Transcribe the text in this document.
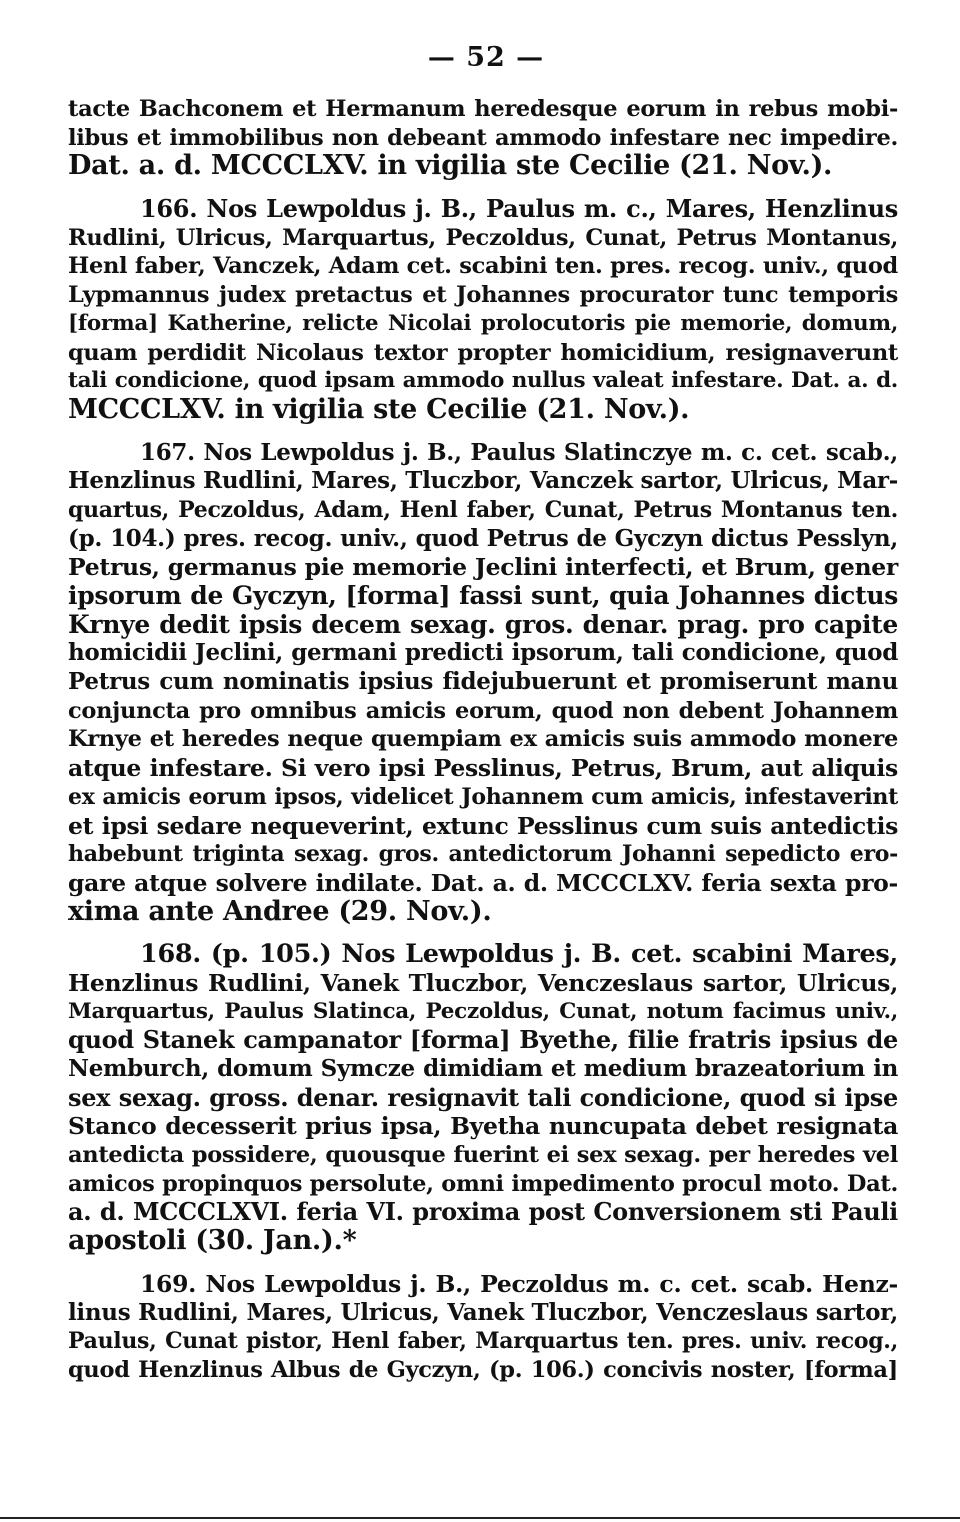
— 52 —
tacte Bachconem et Hermanum heredesque eorum in rebus mobi-
libus et immobilibus non debeant ammodo infestare nec impedire.
Dat. a. d. MCCCLXV. in vigilia ste Cecilie (21. Nov.).
166. Nos Lewpoldus j. B., Paulus m. c., Mares, Henzlinus
Rudlini, Ulricus, Marquartus, Peczoldus, Cunat, Petrus Montanus,
Henl faber, Vanczek, Adam cet. scabini ten. pres. recog. univ., quod
Lypmannus judex pretactus et Johannes procurator tunc temporis
[forma] Katherine, relicte Nicolai prolocutoris pie memorie, domum,
quam perdidit Nicolaus textor propter homicidium, resignaverunt
tali condicione, quod ipsam ammodo nullus valeat infestare. Dat. a. d.
MCCCLXV. in vigilia ste Cecilie (21. Nov.).
167. Nos Lewpoldus j. B., Paulus Slatinczye m. c. cet. scab.,
Henzlinus Rudlini, Mares, Tluczbor, Vanczek sartor, Ulricus, Mar-
quartus, Peczoldus, Adam, Henl faber, Cunat, Petrus Montanus ten.
(p. 104.) pres. recog. univ., quod Petrus de Gyczyn dictus Pesslyn,
Petrus, germanus pie memorie Jeclini interfecti, et Brum, gener
ipsorum de Gyczyn, [forma] fassi sunt, quia Johannes dictus
Krnye dedit ipsis decem sexag. gros. denar. prag. pro capite
homicidii Jeclini, germani predicti ipsorum, tali condicione, quod
Petrus cum nominatis ipsius fidejubuerunt et promiserunt manu
conjuncta pro omnibus amicis eorum, quod non debent Johannem
Krnye et heredes neque quempiam ex amicis suis ammodo monere
atque infestare. Si vero ipsi Pesslinus, Petrus, Brum, aut aliquis
ex amicis eorum ipsos, videlicet Johannem cum amicis, infestaverint
et ipsi sedare nequeverint, extunc Pesslinus cum suis antedictis
habebunt triginta sexag. gros. antedictorum Johanni sepedicto ero-
gare atque solvere indilate. Dat. a. d. MCCCLXV. feria sexta pro-
xima ante Andree (29. Nov.).
168. (p. 105.) Nos Lewpoldus j. B. cet. scabini Mares,
Henzlinus Rudlini, Vanek Tluczbor, Venczeslaus sartor, Ulricus,
Marquartus, Paulus Slatinca, Peczoldus, Cunat, notum facimus univ.,
quod Stanek campanator [forma] Byethe, filie fratris ipsius de
Nemburch, domum Symcze dimidiam et medium brazeatorium in
sex sexag. gross. denar. resignavit tali condicione, quod si ipse
Stanco decesserit prius ipsa, Byetha nuncupata debet resignata
antedicta possidere, quousque fuerint ei sex sexag. per heredes vel
amicos propinquos persolute, omni impedimento procul moto. Dat.
a. d. MCCCLXVI. feria VI. proxima post Conversionem sti Pauli
apostoli (30. Jan.).*
169. Nos Lewpoldus j. B., Peczoldus m. c. cet. scab. Henz-
linus Rudlini, Mares, Ulricus, Vanek Tluczbor, Venczeslaus sartor,
Paulus, Cunat pistor, Henl faber, Marquartus ten. pres. univ. recog.,
quod Henzlinus Albus de Gyczyn, (p. 106.) concivis noster, [forma]
